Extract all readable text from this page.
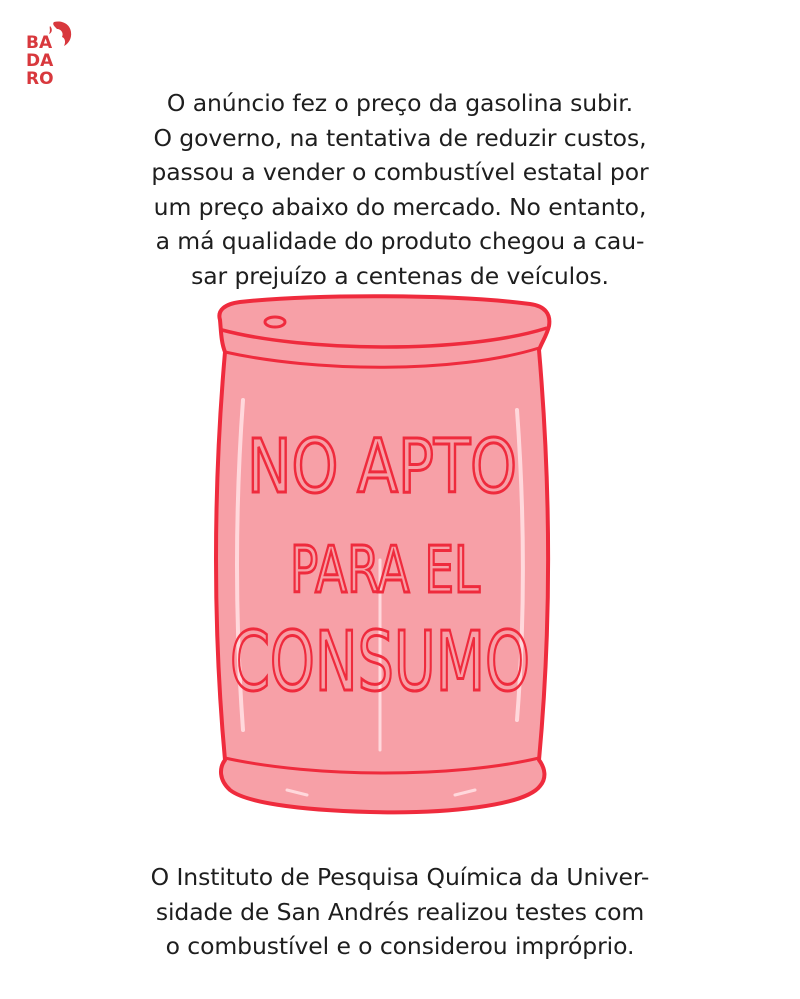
BA
DA
RO
O anúncio fez o preço da gasolina subir.
O governo, na tentativa de reduzir custos,
passou a vender o combustível estatal por
um preço abaixo do mercado. No entanto,
a má qualidade do produto chegou a cau-
sar prejuízo a centenas de veículos.
NO APTO
PARA EL
CONSUMO
O Instituto de Pesquisa Química da Univer-
sidade de San Andrés realizou testes com
o combustível e o considerou impróprio.
